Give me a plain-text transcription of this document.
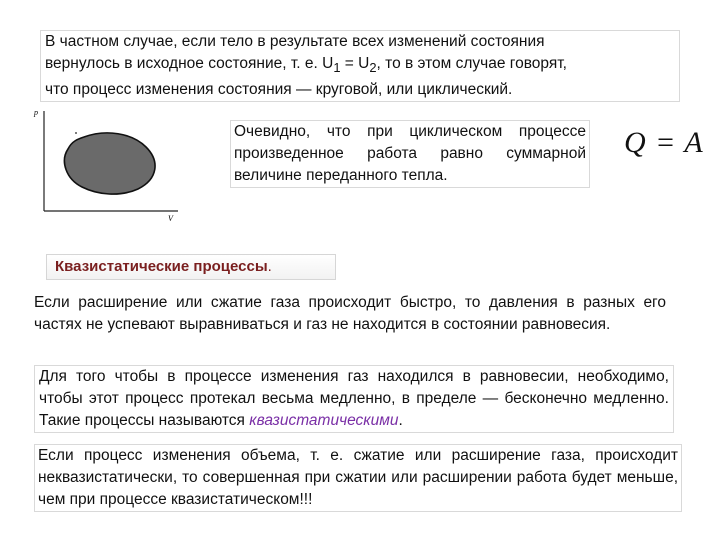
В частном случае, если тело в результате всех изменений состояния
вернулось в исходное состояние, т. е. $U_1 = U_2$, то в этом случае говорят,
что процесс изменения состояния — круговой, или циклический.

p
V

Очевидно, что при циклическом процессе произведенное работа равно суммарной величине переданного тепла.

Q = A
Квазистатические процессы.

Если расширение или сжатие газа происходит быстро, то давления в разных его частях не успевают выравниваться и газ не находится в состоянии равновесия.

Для того чтобы в процессе изменения газ находился в равновесии, необходимо, чтобы этот процесс протекал весьма медленно, в пределе — бесконечно медленно. Такие процессы называются квазистатическими.

Если процесс изменения объема, т. е. сжатие или расширение газа, происходит неквазистатически, то совершенная при сжатии или расширении работа будет меньше, чем при процессе квазистатическом!!!
